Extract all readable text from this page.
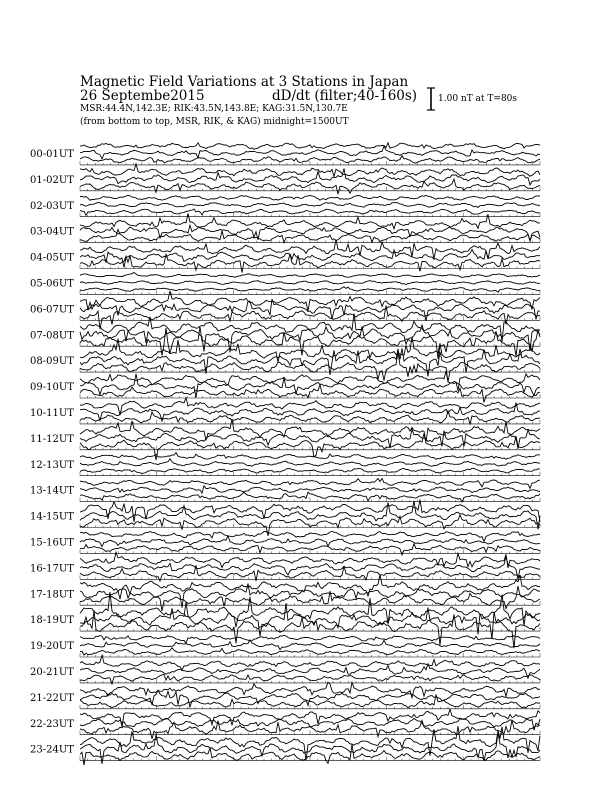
Magnetic Field Variations at 3 Stations in Japan
26 Septembe2015	dD/dt (filter;40-160s)
MSR:44.4N,142.3E; RIK:43.5N,143.8E; KAG:31.5N,130.7E
(from bottom to top, MSR, RIK, & KAG) midnight=1500UT
1.00 nT at T=80s
00-01UT
01-02UT
02-03UT
03-04UT
04-05UT
05-06UT
06-07UT
07-08UT
08-09UT
09-10UT
10-11UT
11-12UT
12-13UT
13-14UT
14-15UT
15-16UT
16-17UT
17-18UT
18-19UT
19-20UT
20-21UT
21-22UT
22-23UT
23-24UT
